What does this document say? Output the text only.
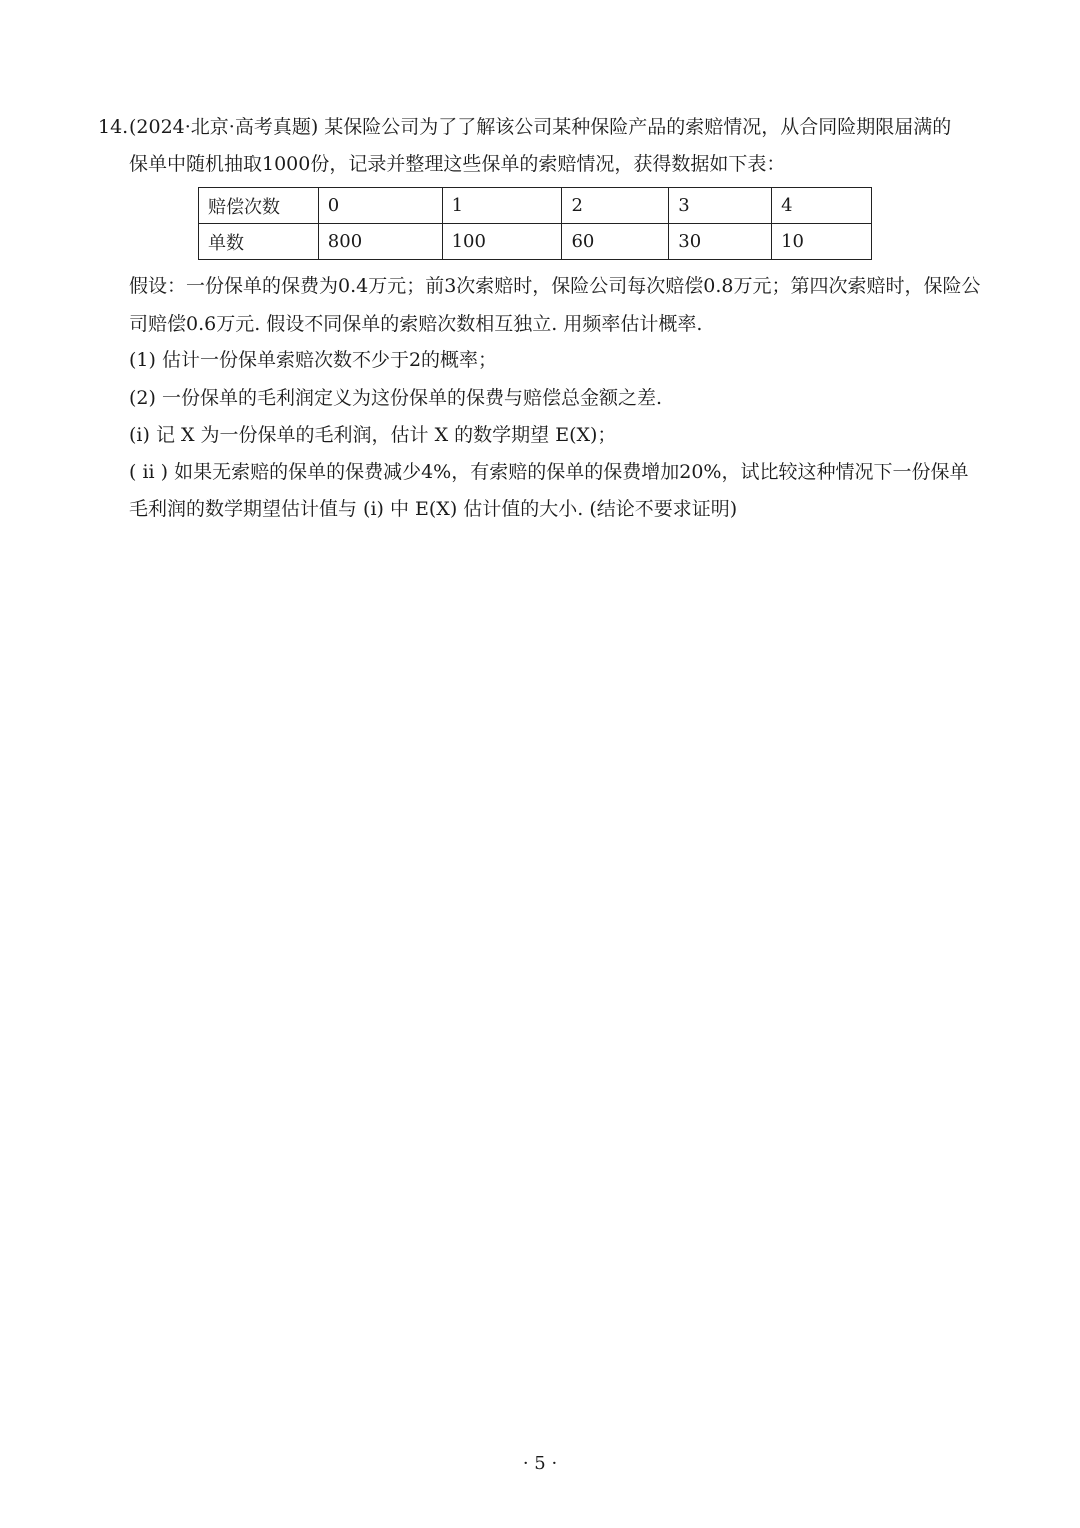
14. (2024·北京·高考真题) 某保险公司为了了解该公司某种保险产品的索赔情况，从合同险期限届满的
保单中随机抽取1000份，记录并整理这些保单的索赔情况，获得数据如下表：
赔偿次数	0	1	2	3	4
单数	800	100	60	30	10
假设：一份保单的保费为0.4万元；前3次索赔时，保险公司每次赔偿0.8万元；第四次索赔时，保险公
司赔偿0.6万元. 假设不同保单的索赔次数相互独立. 用频率估计概率.
(1) 估计一份保单索赔次数不少于2的概率；
(2) 一份保单的毛利润定义为这份保单的保费与赔偿总金额之差.
(i) 记 X 为一份保单的毛利润，估计 X 的数学期望 E(X)；
( ii ) 如果无索赔的保单的保费减少4%，有索赔的保单的保费增加20%，试比较这种情况下一份保单
毛利润的数学期望估计值与 (i) 中 E(X) 估计值的大小. (结论不要求证明)
· 5 ·
